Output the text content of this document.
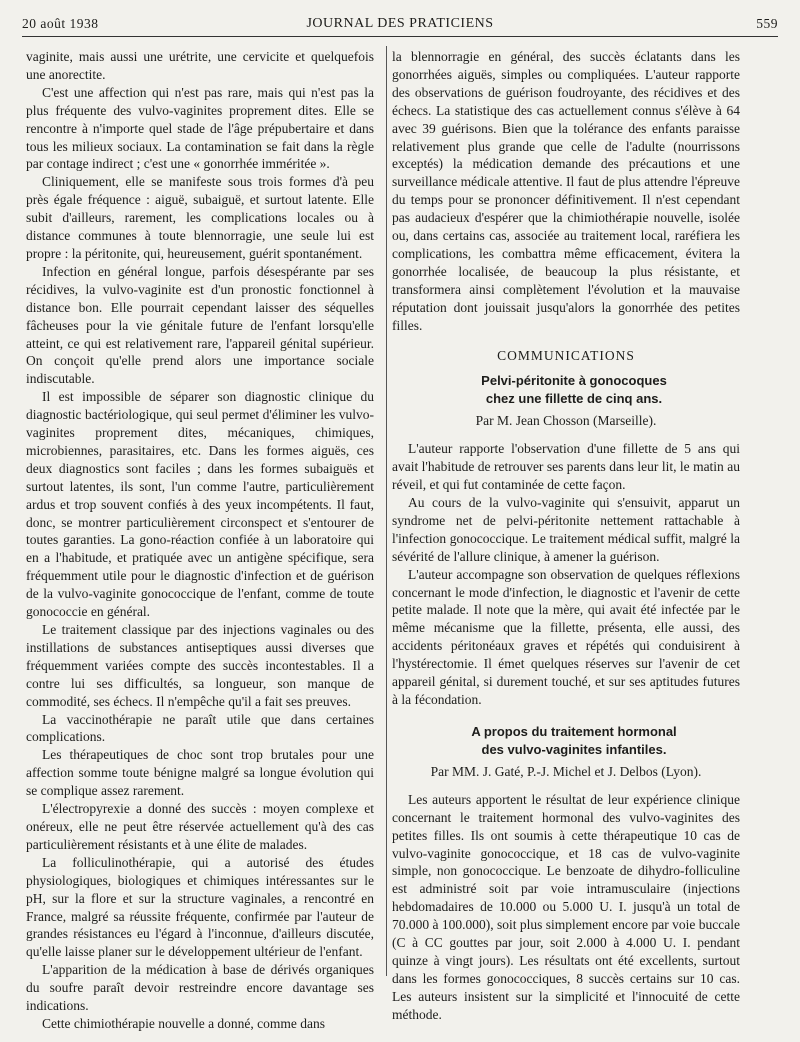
20 août 1938	JOURNAL DES PRATICIENS	559

vaginite, mais aussi une urétrite, une cervicite et quelquefois une anorectite.

C'est une affection qui n'est pas rare, mais qui n'est pas la plus fréquente des vulvo-vaginites proprement dites. Elle se rencontre à n'importe quel stade de l'âge prépubertaire et dans tous les milieux sociaux. La contamination se fait dans la règle par contage indirect ; c'est une « gonorrhée imméritée ».

Cliniquement, elle se manifeste sous trois formes d'à peu près égale fréquence : aiguë, subaiguë, et surtout latente. Elle subit d'ailleurs, rarement, les complications locales ou à distance communes à toute blennorragie, une seule lui est propre : la péritonite, qui, heureusement, guérit spontanément.

Infection en général longue, parfois désespérante par ses récidives, la vulvo-vaginite est d'un pronostic fonctionnel à distance bon. Elle pourrait cependant laisser des séquelles fâcheuses pour la vie génitale future de l'enfant lorsqu'elle atteint, ce qui est relativement rare, l'appareil génital supérieur. On conçoit qu'elle prend alors une importance sociale indiscutable.

Il est impossible de séparer son diagnostic clinique du diagnostic bactériologique, qui seul permet d'éliminer les vulvo-vaginites proprement dites, mécaniques, chimiques, microbiennes, parasitaires, etc. Dans les formes aiguës, ces deux diagnostics sont faciles ; dans les formes subaiguës et surtout latentes, ils sont, l'un comme l'autre, particulièrement ardus et trop souvent confiés à des yeux incompétents. Il faut, donc, se montrer particulièrement circonspect et s'entourer de toutes garanties. La gono-réaction confiée à un laboratoire qui en a l'habitude, et pratiquée avec un antigène spécifique, sera fréquemment utile pour le diagnostic d'infection et de guérison de la vulvo-vaginite gonococcique de l'enfant, comme de toute gonococcie en général.

Le traitement classique par des injections vaginales ou des instillations de substances antiseptiques aussi diverses que fréquemment variées compte des succès incontestables. Il a contre lui ses difficultés, sa longueur, son manque de commodité, ses échecs. Il n'empêche qu'il a fait ses preuves.

La vaccinothérapie ne paraît utile que dans certaines complications.

Les thérapeutiques de choc sont trop brutales pour une affection somme toute bénigne malgré sa longue évolution qui se complique assez rarement.

L'électropyrexie a donné des succès : moyen complexe et onéreux, elle ne peut être réservée actuellement qu'à des cas particulièrement résistants et à une élite de malades.

La folliculinothérapie, qui a autorisé des études physiologiques, biologiques et chimiques intéressantes sur le pH, sur la flore et sur la structure vaginales, a rencontré en France, malgré sa réussite fréquente, confirmée par l'auteur de grandes résistances eu l'égard à l'inconnue, d'ailleurs discutée, qu'elle laisse planer sur le développement ultérieur de l'enfant.

L'apparition de la médication à base de dérivés organiques du soufre paraît devoir restreindre encore davantage ses indications.

Cette chimiothérapie nouvelle a donné, comme dans

la blennorragie en général, des succès éclatants dans les gonorrhées aiguës, simples ou compliquées. L'auteur rapporte des observations de guérison foudroyante, des récidives et des échecs. La statistique des cas actuellement connus s'élève à 64 avec 39 guérisons. Bien que la tolérance des enfants paraisse relativement plus grande que celle de l'adulte (nourrissons exceptés) la médication demande des précautions et une surveillance médicale attentive. Il faut de plus attendre l'épreuve du temps pour se prononcer définitivement. Il n'est cependant pas audacieux d'espérer que la chimiothérapie nouvelle, isolée ou, dans certains cas, associée au traitement local, raréfiera les complications, les combattra même efficacement, évitera la gonorrhée localisée, de beaucoup la plus résistante, et transformera ainsi complètement l'évolution et la mauvaise réputation dont jouissait jusqu'alors la gonorrhée des petites filles.

COMMUNICATIONS

Pelvi-péritonite à gonocoques

chez une fillette de cinq ans.

Par M. Jean Chosson (Marseille).

L'auteur rapporte l'observation d'une fillette de 5 ans qui avait l'habitude de retrouver ses parents dans leur lit, le matin au réveil, et qui fut contaminée de cette façon.

Au cours de la vulvo-vaginite qui s'ensuivit, apparut un syndrome net de pelvi-péritonite nettement rattachable à l'infection gonococcique. Le traitement médical suffit, malgré la sévérité de l'allure clinique, à amener la guérison.

L'auteur accompagne son observation de quelques réflexions concernant le mode d'infection, le diagnostic et l'avenir de cette petite malade. Il note que la mère, qui avait été infectée par le même mécanisme que la fillette, présenta, elle aussi, des accidents péritonéaux graves et répétés qui conduisirent à l'hystérectomie. Il émet quelques réserves sur l'avenir de cet appareil génital, si durement touché, et sur ses aptitudes futures à la fécondation.

A propos du traitement hormonal

des vulvo-vaginites infantiles.

Par MM. J. Gaté, P.-J. Michel et J. Delbos (Lyon).

Les auteurs apportent le résultat de leur expérience clinique concernant le traitement hormonal des vulvo-vaginites des petites filles. Ils ont soumis à cette thérapeutique 10 cas de vulvo-vaginite gonococcique, et 18 cas de vulvo-vaginite simple, non gonococcique. Le benzoate de dihydro-folliculine est administré soit par voie intramusculaire (injections hebdomadaires de 10.000 ou 5.000 U. I. jusqu'à un total de 70.000 à 100.000), soit plus simplement encore par voie buccale (C à CC gouttes par jour, soit 2.000 à 4.000 U. I. pendant quinze à vingt jours). Les résultats ont été excellents, surtout dans les formes gonococciques, 8 succès certains sur 10 cas. Les auteurs insistent sur la simplicité et l'innocuité de cette méthode.
